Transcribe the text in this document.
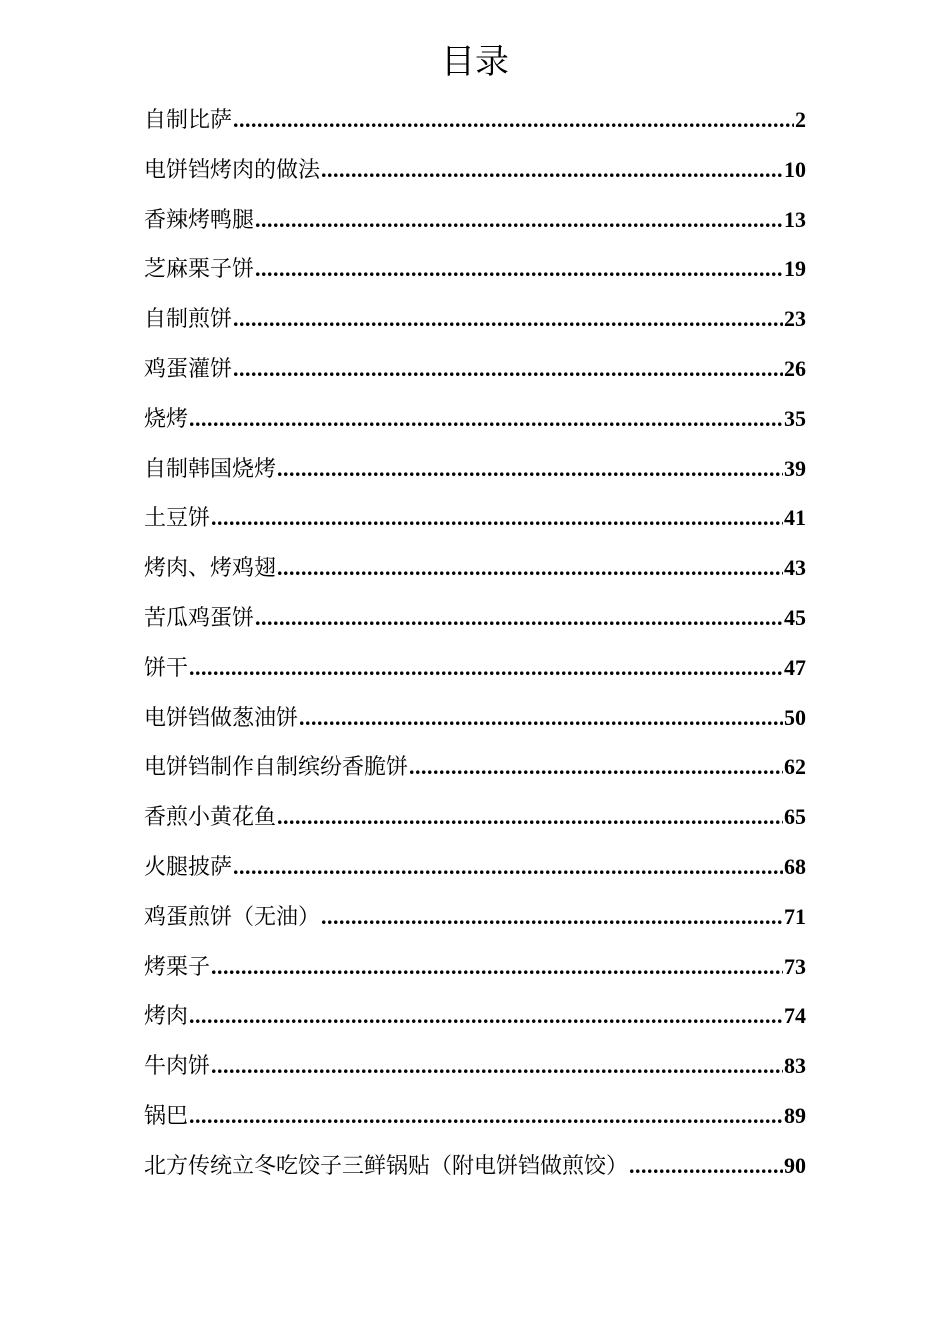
目录
自制比萨 .....	2
电饼铛烤肉的做法 .....	10
香辣烤鸭腿 .....	13
芝麻栗子饼 .....	19
自制煎饼 .....	23
鸡蛋灌饼 .....	26
烧烤 .....	35
自制韩国烧烤 .....	39
土豆饼 .....	41
烤肉、烤鸡翅 .....	43
苦瓜鸡蛋饼 .....	45
饼干 .....	47
电饼铛做葱油饼 .....	50
电饼铛制作自制缤纷香脆饼 .....	62
香煎小黄花鱼 .....	65
火腿披萨 .....	68
鸡蛋煎饼（无油） .....	71
烤栗子 .....	73
烤肉 .....	74
牛肉饼 .....	83
锅巴 .....	89
北方传统立冬吃饺子三鲜锅贴（附电饼铛做煎饺） .....	90
